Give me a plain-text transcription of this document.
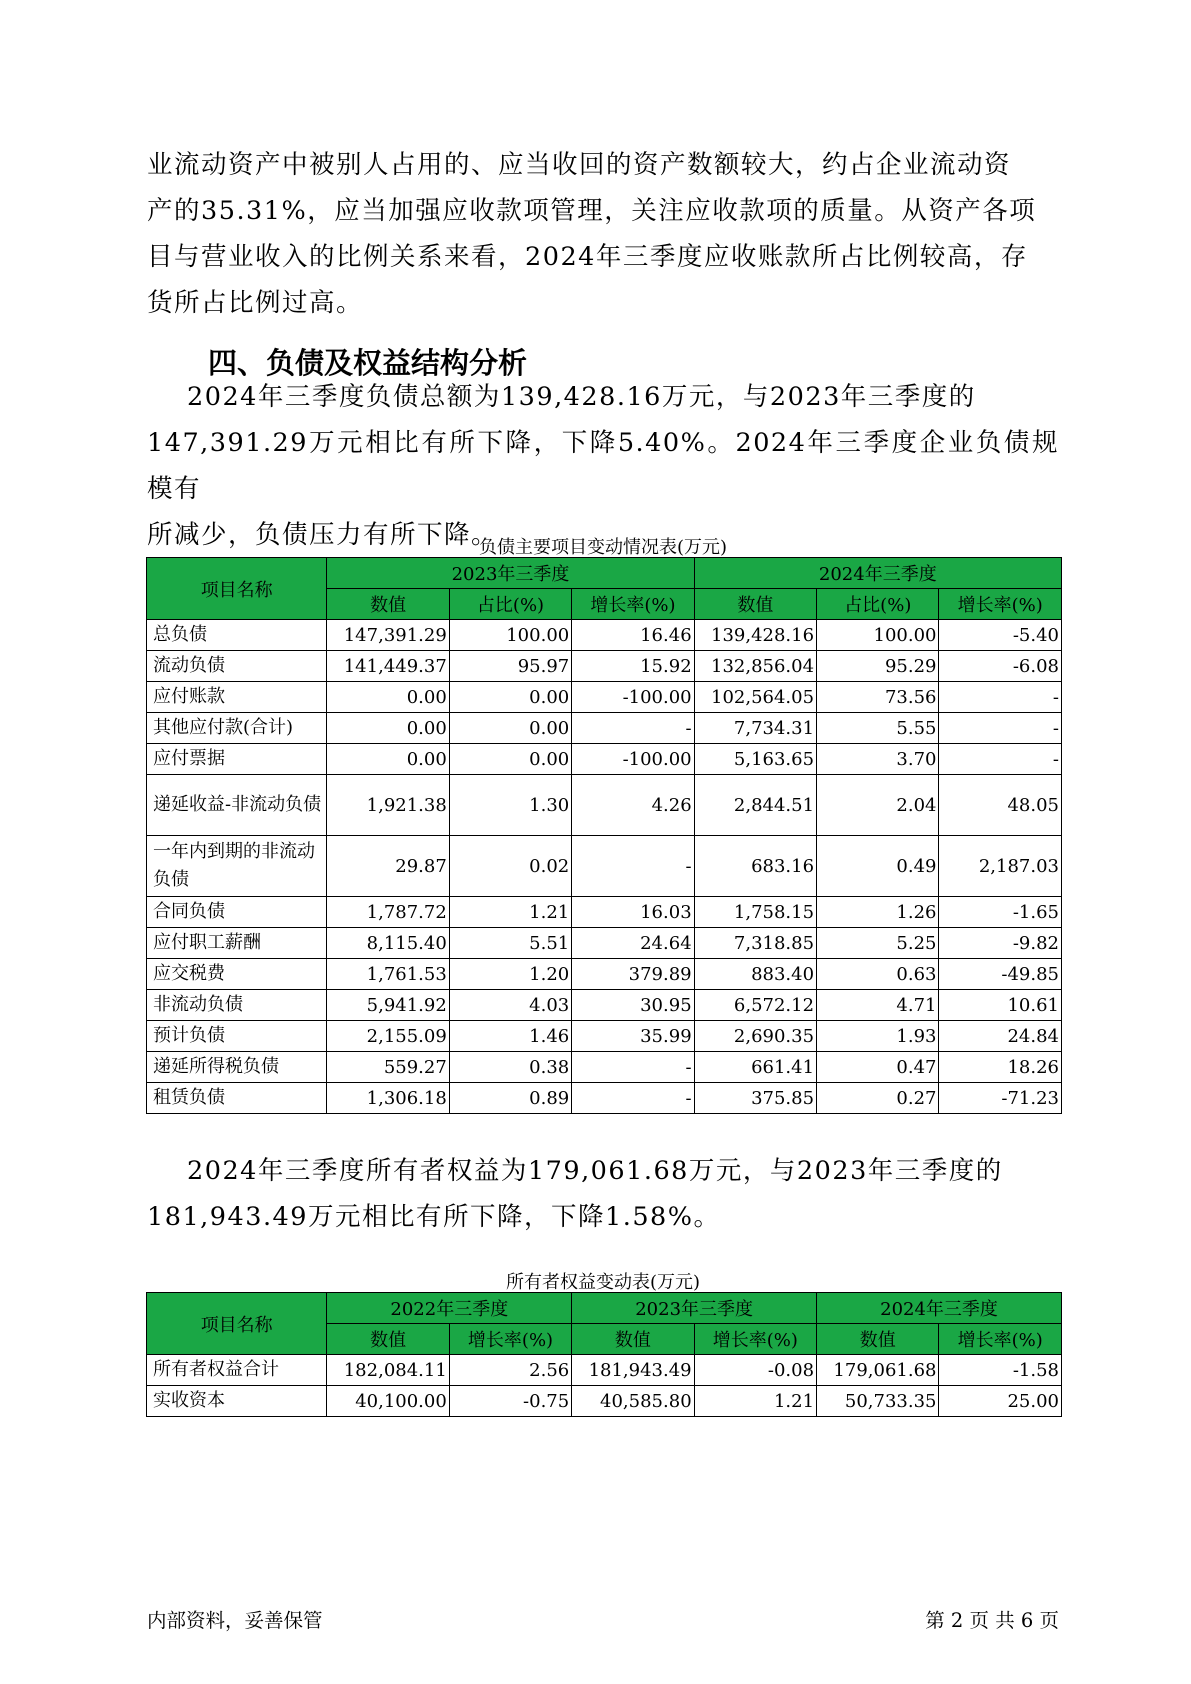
业流动资产中被别人占用的、应当收回的资产数额较大，约占企业流动资
产的35.31%，应当加强应收款项管理，关注应收款项的质量。从资产各项
目与营业收入的比例关系来看，2024年三季度应收账款所占比例较高，存
货所占比例过高。
四、负债及权益结构分析
2024年三季度负债总额为139,428.16万元，与2023年三季度的
147,391.29万元相比有所下降，下降5.40%。2024年三季度企业负债规模有
所减少，负债压力有所下降。
负债主要项目变动情况表(万元)
项目名称	2023年三季度			2024年三季度		
	数值	占比(%)	增长率(%)	数值	占比(%)	增长率(%)
总负债	147,391.29	100.00	16.46	139,428.16	100.00	-5.40
流动负债	141,449.37	95.97	15.92	132,856.04	95.29	-6.08
应付账款	0.00	0.00	-100.00	102,564.05	73.56	-
其他应付款(合计)	0.00	0.00	-	7,734.31	5.55	-
应付票据	0.00	0.00	-100.00	5,163.65	3.70	-
递延收益-非流动负债	1,921.38	1.30	4.26	2,844.51	2.04	48.05
一年内到期的非流动负债	29.87	0.02	-	683.16	0.49	2,187.03
合同负债	1,787.72	1.21	16.03	1,758.15	1.26	-1.65
应付职工薪酬	8,115.40	5.51	24.64	7,318.85	5.25	-9.82
应交税费	1,761.53	1.20	379.89	883.40	0.63	-49.85
非流动负债	5,941.92	4.03	30.95	6,572.12	4.71	10.61
预计负债	2,155.09	1.46	35.99	2,690.35	1.93	24.84
递延所得税负债	559.27	0.38	-	661.41	0.47	18.26
租赁负债	1,306.18	0.89	-	375.85	0.27	-71.23
2024年三季度所有者权益为179,061.68万元，与2023年三季度的
181,943.49万元相比有所下降，下降1.58%。
所有者权益变动表(万元)
项目名称	2022年三季度		2023年三季度		2024年三季度	
	数值	增长率(%)	数值	增长率(%)	数值	增长率(%)
所有者权益合计	182,084.11	2.56	181,943.49	-0.08	179,061.68	-1.58
实收资本	40,100.00	-0.75	40,585.80	1.21	50,733.35	25.00
内部资料，妥善保管	第 2 页 共 6 页
